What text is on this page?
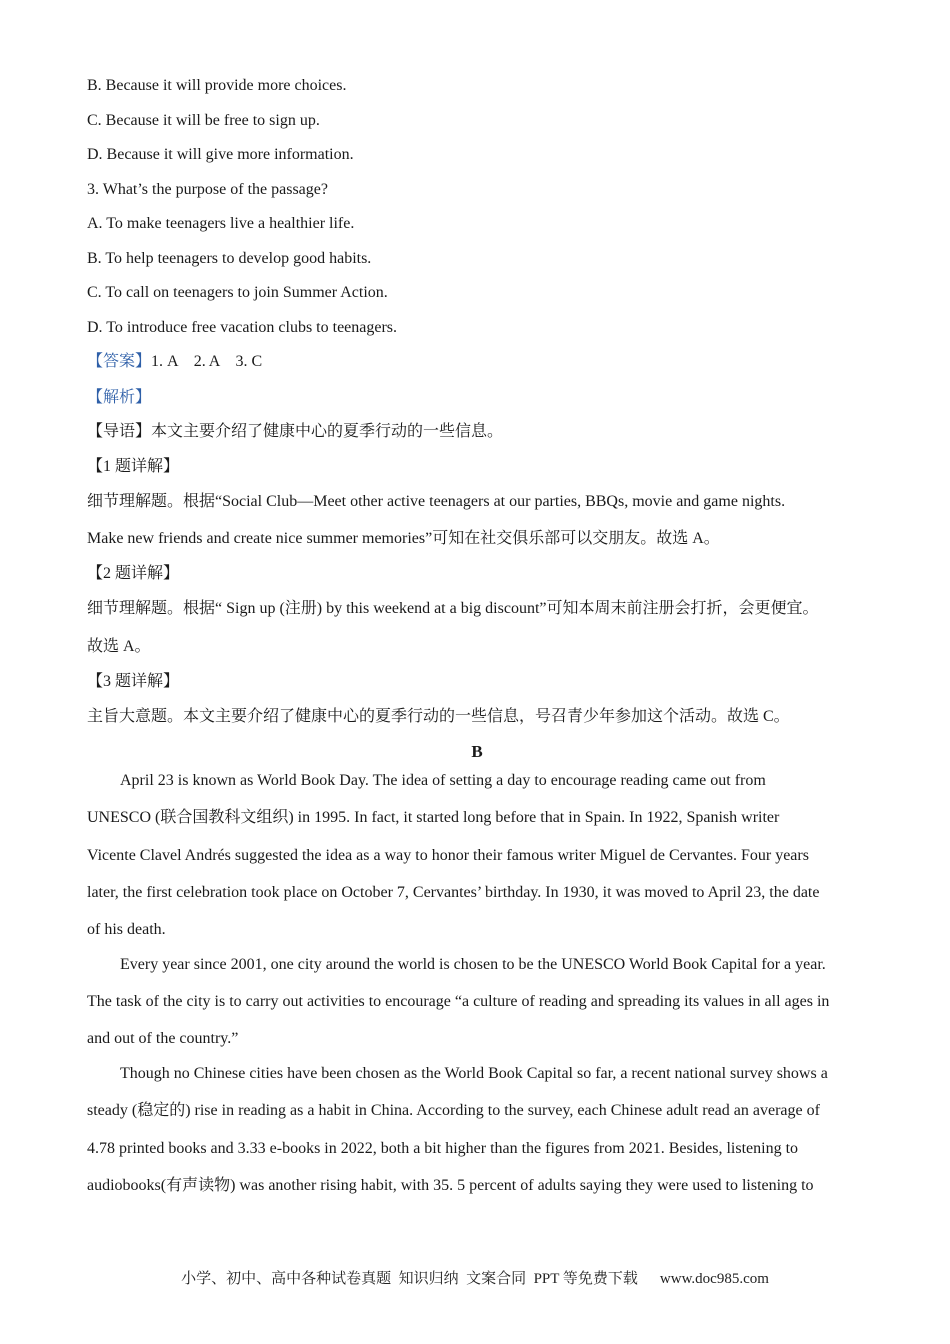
B. Because it will provide more choices.
C. Because it will be free to sign up.
D. Because it will give more information.
3. What’s the purpose of the passage?
A. To make teenagers live a healthier life.
B. To help teenagers to develop good habits.
C. To call on teenagers to join Summer Action.
D. To introduce free vacation clubs to teenagers.
【答案】1. A    2. A    3. C
【解析】
【导语】本文主要介绍了健康中心的夏季行动的一些信息。
【1 题详解】
细节理解题。根据“Social Club—Meet other active teenagers at our parties, BBQs, movie and game nights.
Make new friends and create nice summer memories”可知在社交俱乐部可以交朋友。故选 A。
【2 题详解】
细节理解题。根据“ Sign up (注册) by this weekend at a big discount”可知本周末前注册会打折，会更便宜。
故选 A。
【3 题详解】
主旨大意题。本文主要介绍了健康中心的夏季行动的一些信息，号召青少年参加这个活动。故选 C。
B
April 23 is known as World Book Day. The idea of setting a day to encourage reading came out from
UNESCO (联合国教科文组织) in 1995. In fact, it started long before that in Spain. In 1922, Spanish writer
Vicente Clavel Andrés suggested the idea as a way to honor their famous writer Miguel de Cervantes. Four years
later, the first celebration took place on October 7, Cervantes’ birthday. In 1930, it was moved to April 23, the date
of his death.
Every year since 2001, one city around the world is chosen to be the UNESCO World Book Capital for a year.
The task of the city is to carry out activities to encourage “a culture of reading and spreading its values in all ages in
and out of the country.”
Though no Chinese cities have been chosen as the World Book Capital so far, a recent national survey shows a
steady (稳定的) rise in reading as a habit in China. According to the survey, each Chinese adult read an average of
4.78 printed books and 3.33 e-books in 2022, both a bit higher than the figures from 2021. Besides, listening to
audiobooks(有声读物) was another rising habit, with 35. 5 percent of adults saying they were used to listening to
小学、初中、高中各种试卷真题  知识归纳  文案合同  PPT 等免费下载 www.doc985.com
